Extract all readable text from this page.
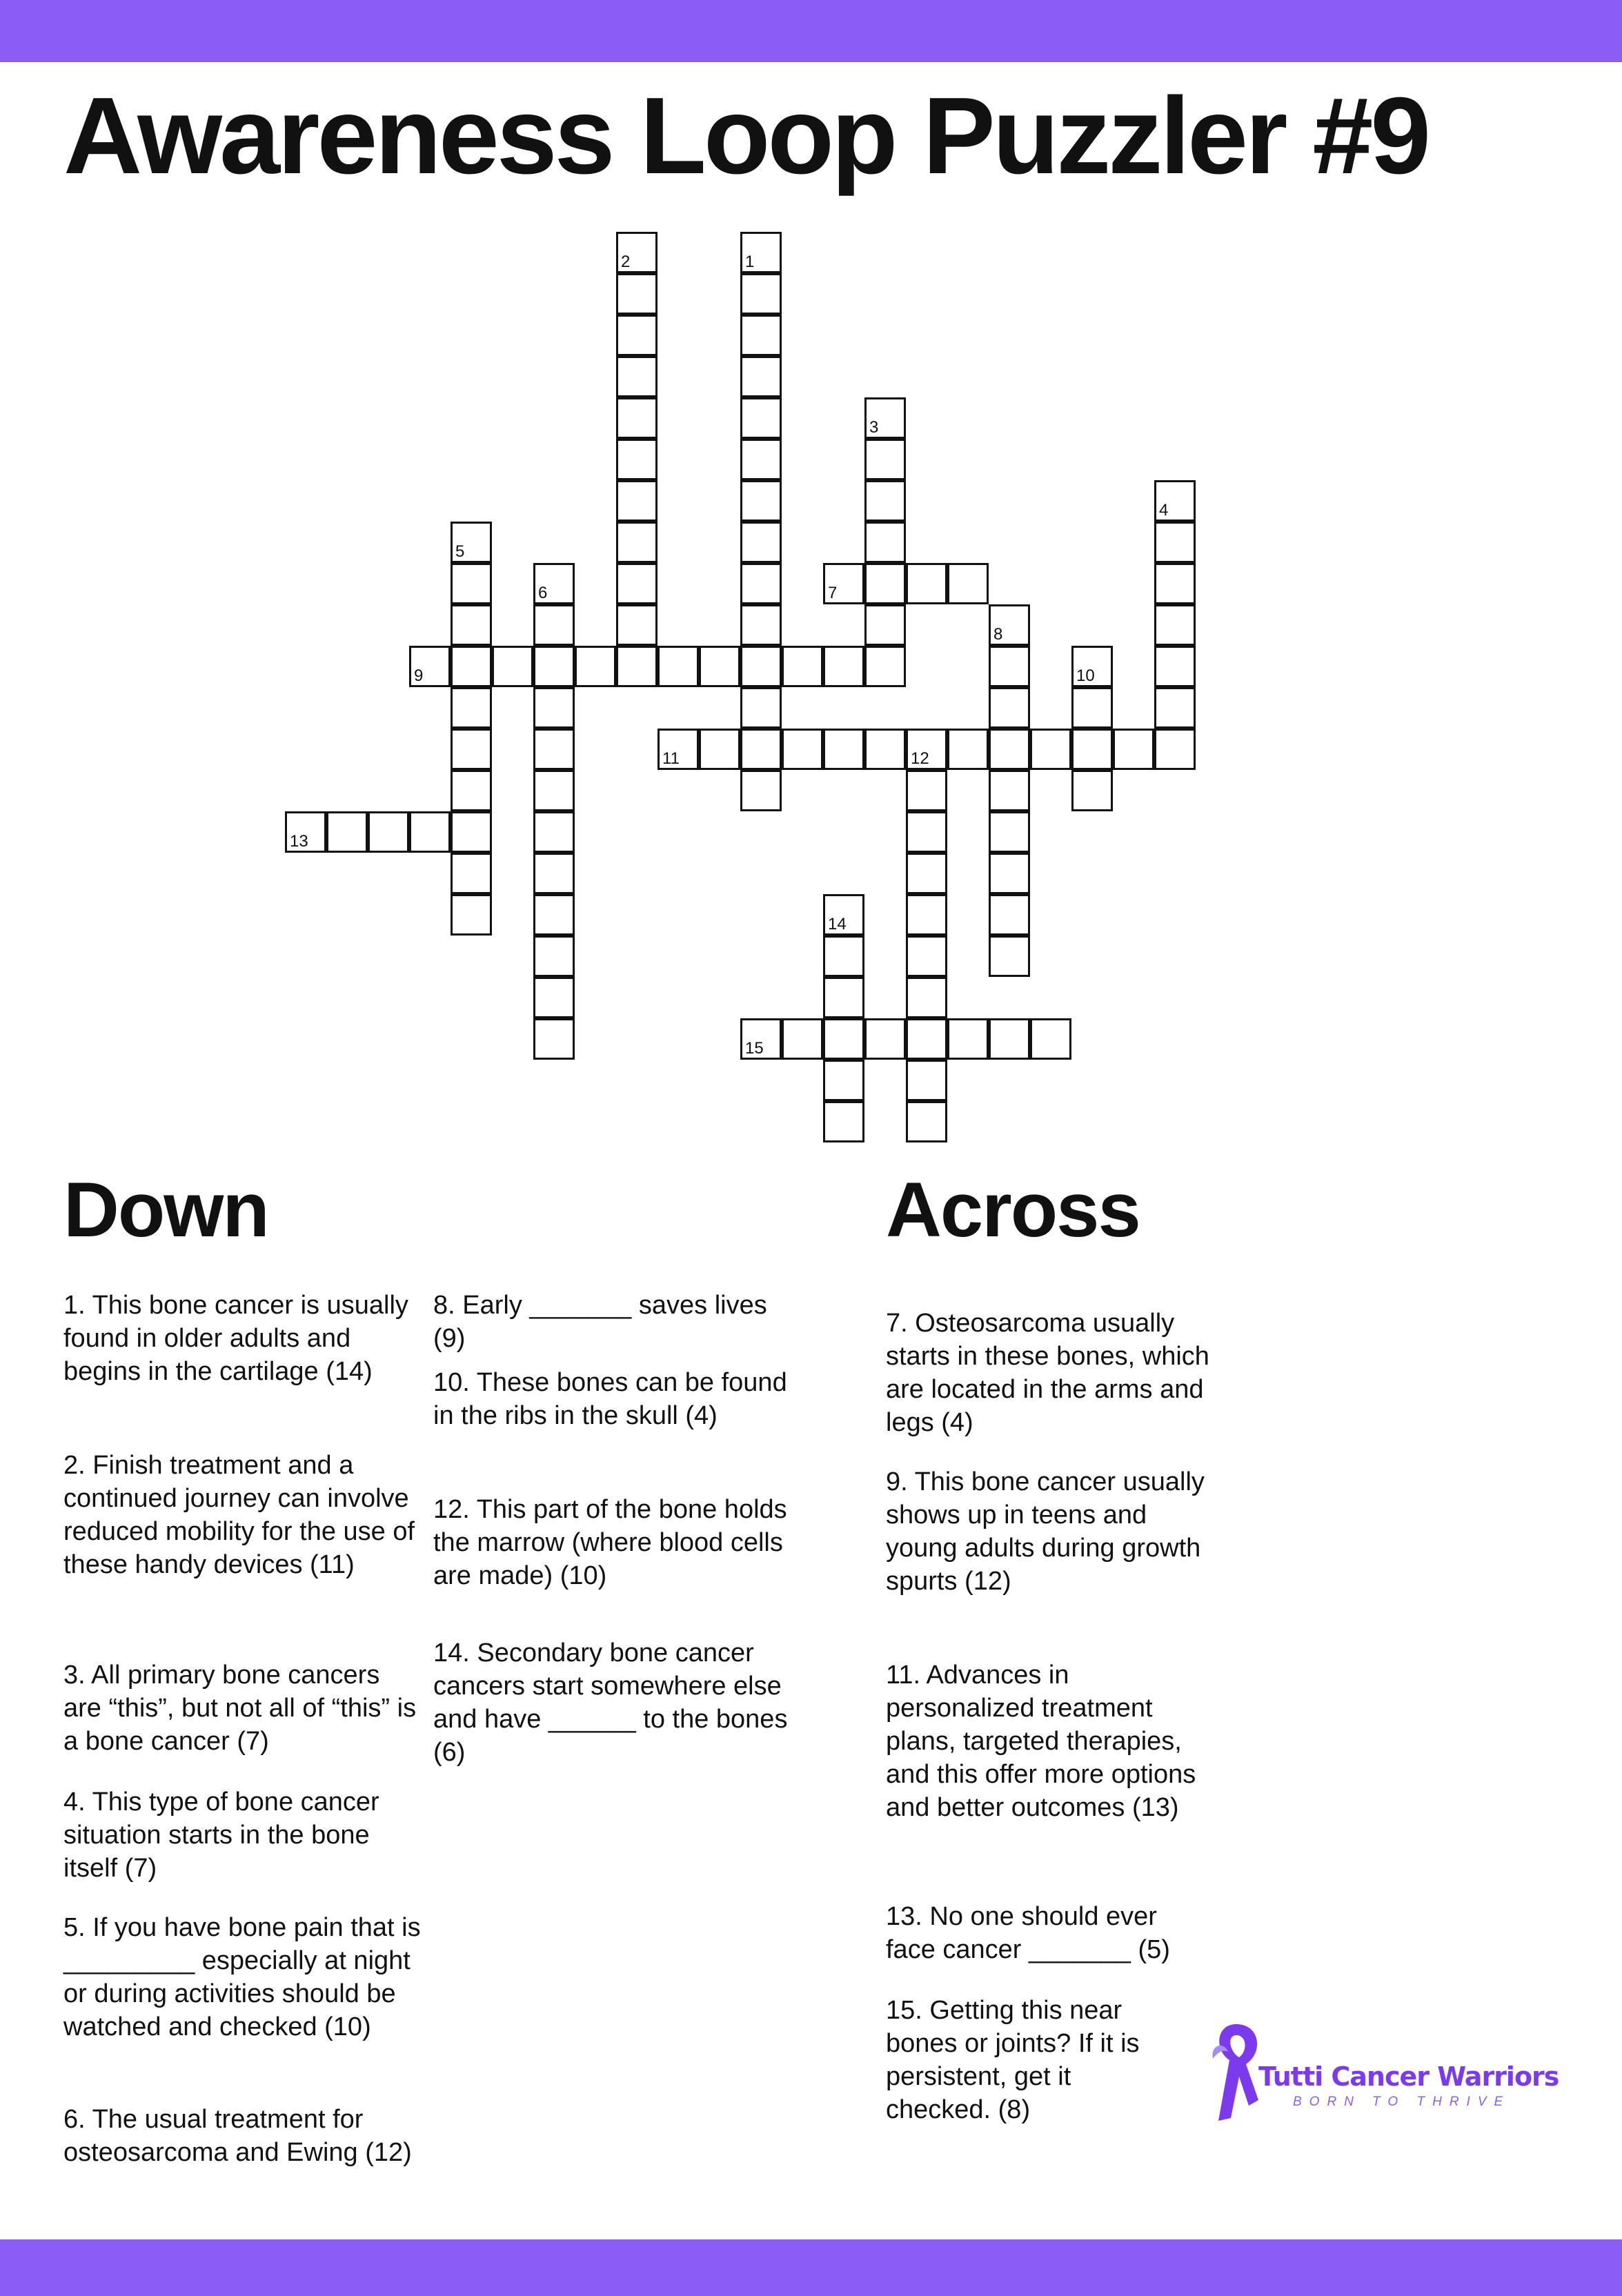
Awareness Loop Puzzler #9
1
2
3
4
5
6	7
8
9	10
11	12
13
14
15
Down	Across

1. This bone cancer is usually found in older adults and begins in the cartilage (14)

2. Finish treatment and a continued journey can involve reduced mobility for the use of these handy devices (11)

3. All primary bone cancers are “this”, but not all of “this” is a bone cancer (7)

4. This type of bone cancer situation starts in the bone itself (7)

5. If you have bone pain that is _________ especially at night or during activities should be watched and checked (10)

6. The usual treatment for osteosarcoma and Ewing (12)

8. Early _______ saves lives (9)

10. These bones can be found in the ribs in the skull (4)

12. This part of the bone holds the marrow (where blood cells are made) (10)

14. Secondary bone cancer cancers start somewhere else and have ______ to the bones (6)

7. Osteosarcoma usually starts in these bones, which are located in the arms and legs (4)

9. This bone cancer usually shows up in teens and young adults during growth spurts (12)

11. Advances in personalized treatment plans, targeted therapies, and this offer more options and better outcomes (13)

13. No one should ever face cancer _______ (5)

15. Getting this near bones or joints? If it is persistent, get it checked. (8)

Tutti Cancer Warriors

BORN TO THRIVE
